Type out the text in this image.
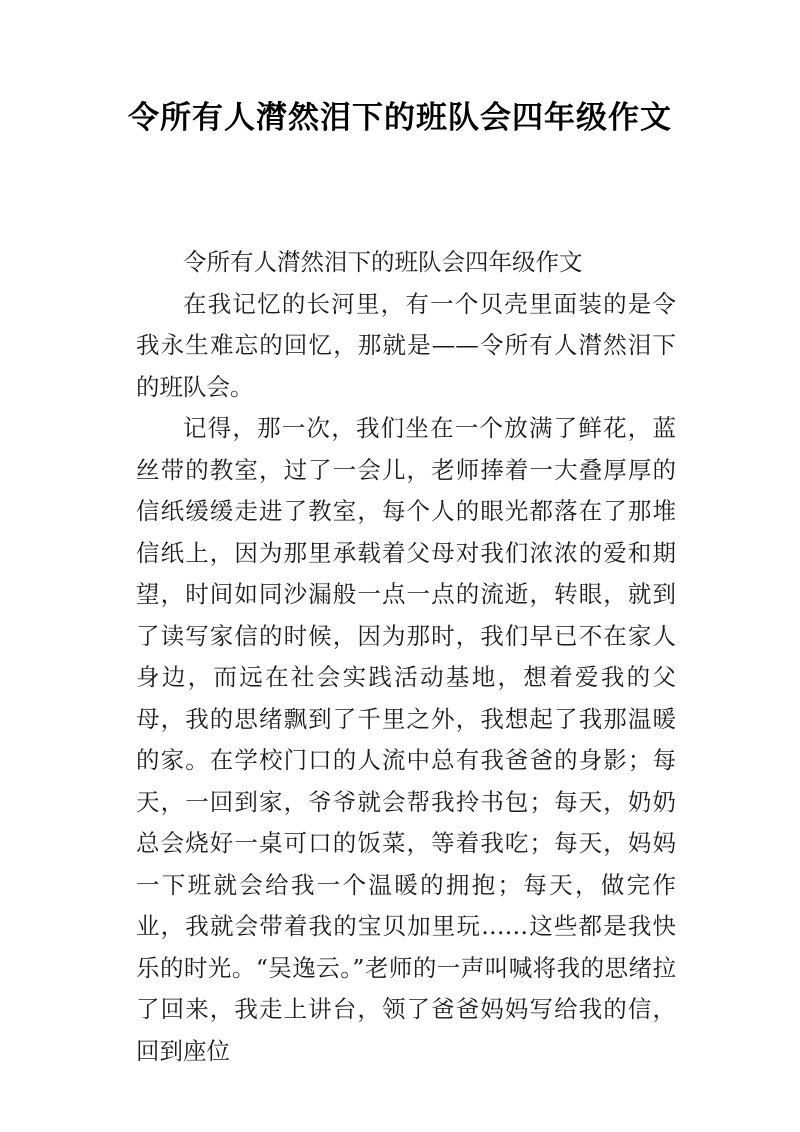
令所有人潸然泪下的班队会四年级作文

令所有人潸然泪下的班队会四年级作文

在我记忆的长河里，有一个贝壳里面装的是令我永生难忘的回忆，那就是——令所有人潸然泪下的班队会。

记得，那一次，我们坐在一个放满了鲜花，蓝丝带的教室，过了一会儿，老师捧着一大叠厚厚的信纸缓缓走进了教室，每个人的眼光都落在了那堆信纸上，因为那里承载着父母对我们浓浓的爱和期望，时间如同沙漏般一点一点的流逝，转眼，就到了读写家信的时候，因为那时，我们早已不在家人身边，而远在社会实践活动基地，想着爱我的父母，我的思绪飘到了千里之外，我想起了我那温暖的家。在学校门口的人流中总有我爸爸的身影；每天，一回到家，爷爷就会帮我拎书包；每天，奶奶总会烧好一桌可口的饭菜，等着我吃；每天，妈妈一下班就会给我一个温暖的拥抱；每天，做完作业，我就会带着我的宝贝加里玩……这些都是我快乐的时光。“吴逸云。”老师的一声叫喊将我的思绪拉了回来，我走上讲台，领了爸爸妈妈写给我的信，回到座位
